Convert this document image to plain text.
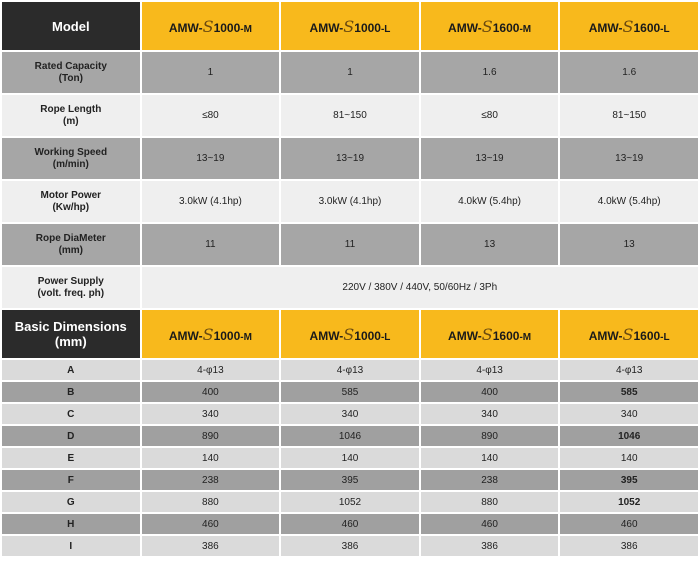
Model	AMW-S1000-M	AMW-S1000-L	AMW-S1600-M	AMW-S1600-L
Rated Capacity
(Ton)	1	1	1.6	1.6
Rope Length
(m)	≤80	81~150	≤80	81~150
Working Speed
(m/min)	13~19	13~19	13~19	13~19
Motor Power
(Kw/hp)	3.0kW (4.1hp)	3.0kW (4.1hp)	4.0kW (5.4hp)	4.0kW (5.4hp)
Rope DiaMeter
(mm)	11	11	13	13
Power Supply
(volt. freq. ph)	220V / 380V / 440V, 50/60Hz / 3Ph			
Basic Dimensions
(mm)	AMW-S1000-M	AMW-S1000-L	AMW-S1600-M	AMW-S1600-L
A	4-φ13	4-φ13	4-φ13	4-φ13
B	400	585	400	585
C	340	340	340	340
D	890	1046	890	1046
E	140	140	140	140
F	238	395	238	395
G	880	1052	880	1052
H	460	460	460	460
I	386	386	386	386
